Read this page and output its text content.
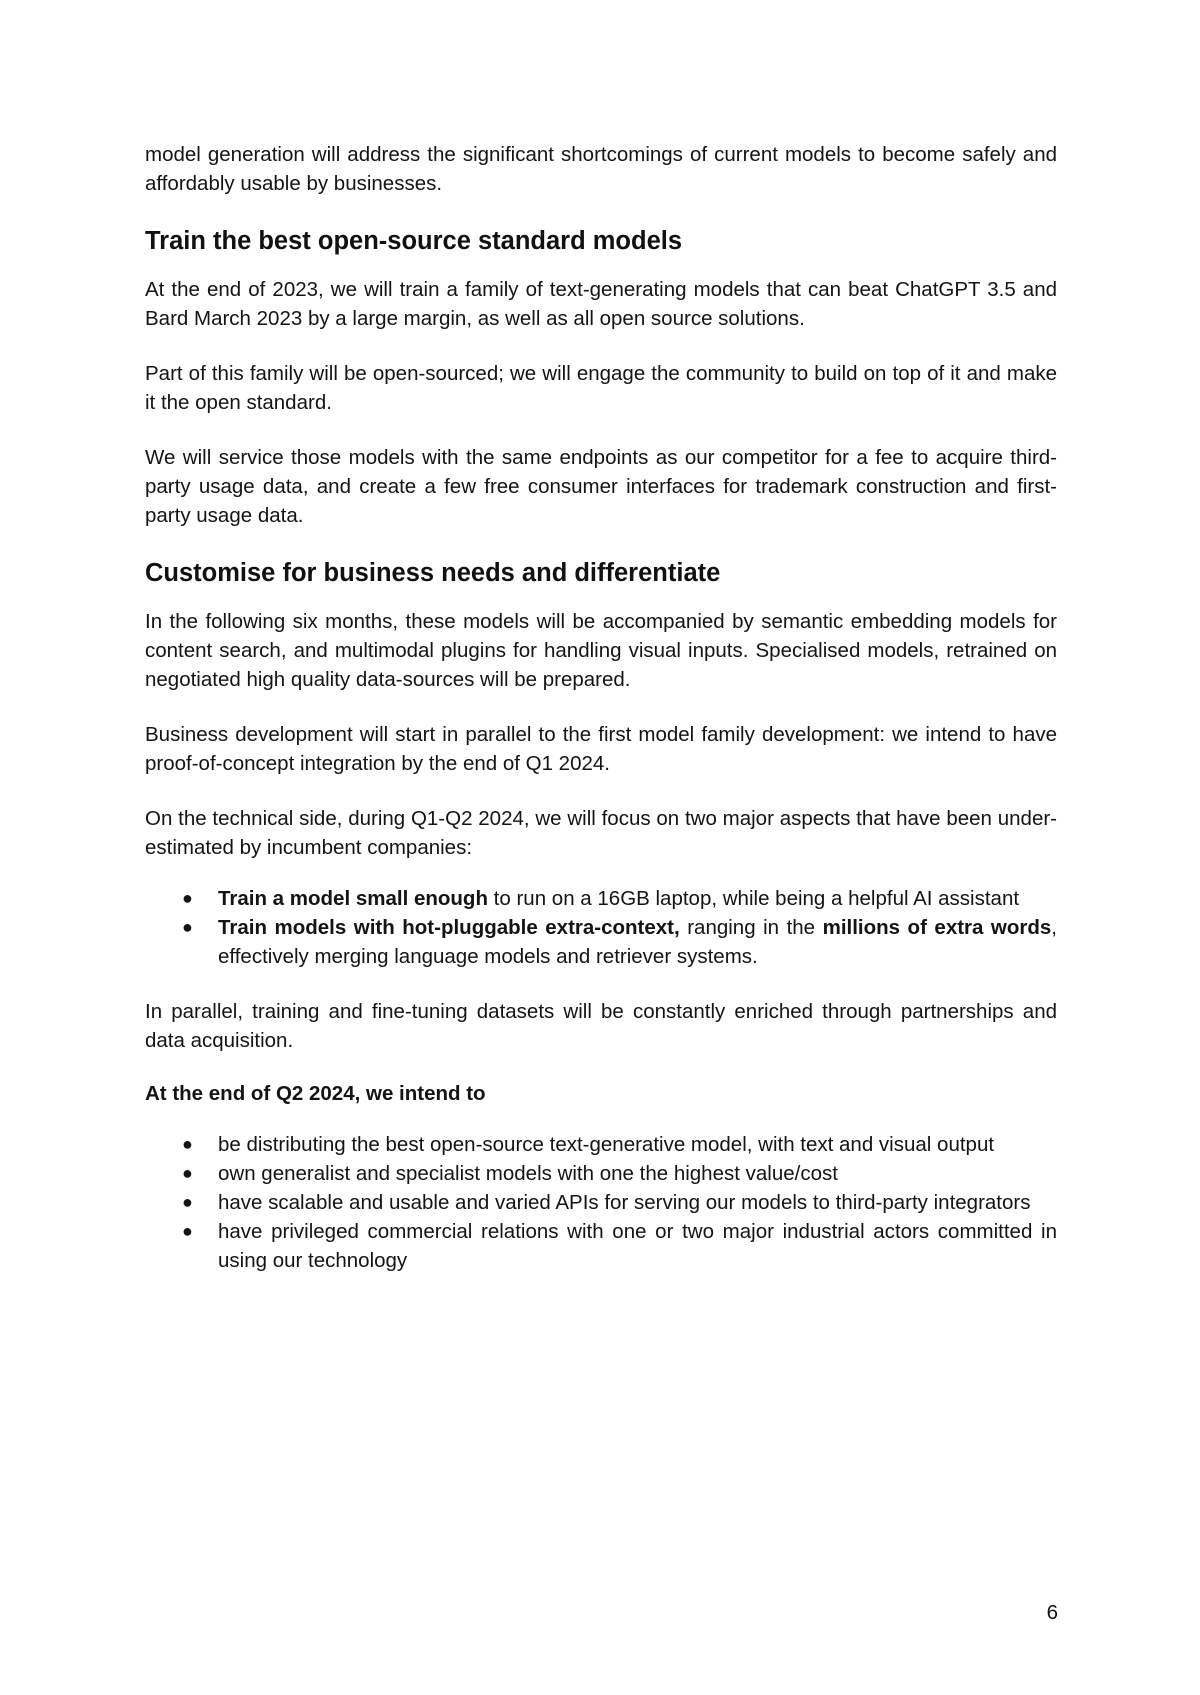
model generation will address the significant shortcomings of current models to become safely and affordably usable by businesses.

Train the best open-source standard models

At the end of 2023, we will train a family of text-generating models that can beat ChatGPT 3.5 and Bard March 2023 by a large margin, as well as all open source solutions.

Part of this family will be open-sourced; we will engage the community to build on top of it and make it the open standard.

We will service those models with the same endpoints as our competitor for a fee to acquire third-party usage data, and create a few free consumer interfaces for trademark construction and first-party usage data.

Customise for business needs and differentiate

In the following six months, these models will be accompanied by semantic embedding models for content search, and multimodal plugins for handling visual inputs. Specialised models, retrained on negotiated high quality data-sources will be prepared.

Business development will start in parallel to the first model family development: we intend to have proof-of-concept integration by the end of Q1 2024.

On the technical side, during Q1-Q2 2024, we will focus on two major aspects that have been under-estimated by incumbent companies:

● Train a model small enough to run on a 16GB laptop, while being a helpful AI assistant
● Train models with hot-pluggable extra-context, ranging in the millions of extra words, effectively merging language models and retriever systems.

In parallel, training and fine-tuning datasets will be constantly enriched through partnerships and data acquisition.

At the end of Q2 2024, we intend to

● be distributing the best open-source text-generative model, with text and visual output
● own generalist and specialist models with one the highest value/cost
● have scalable and usable and varied APIs for serving our models to third-party integrators
● have privileged commercial relations with one or two major industrial actors committed in using our technology
6
